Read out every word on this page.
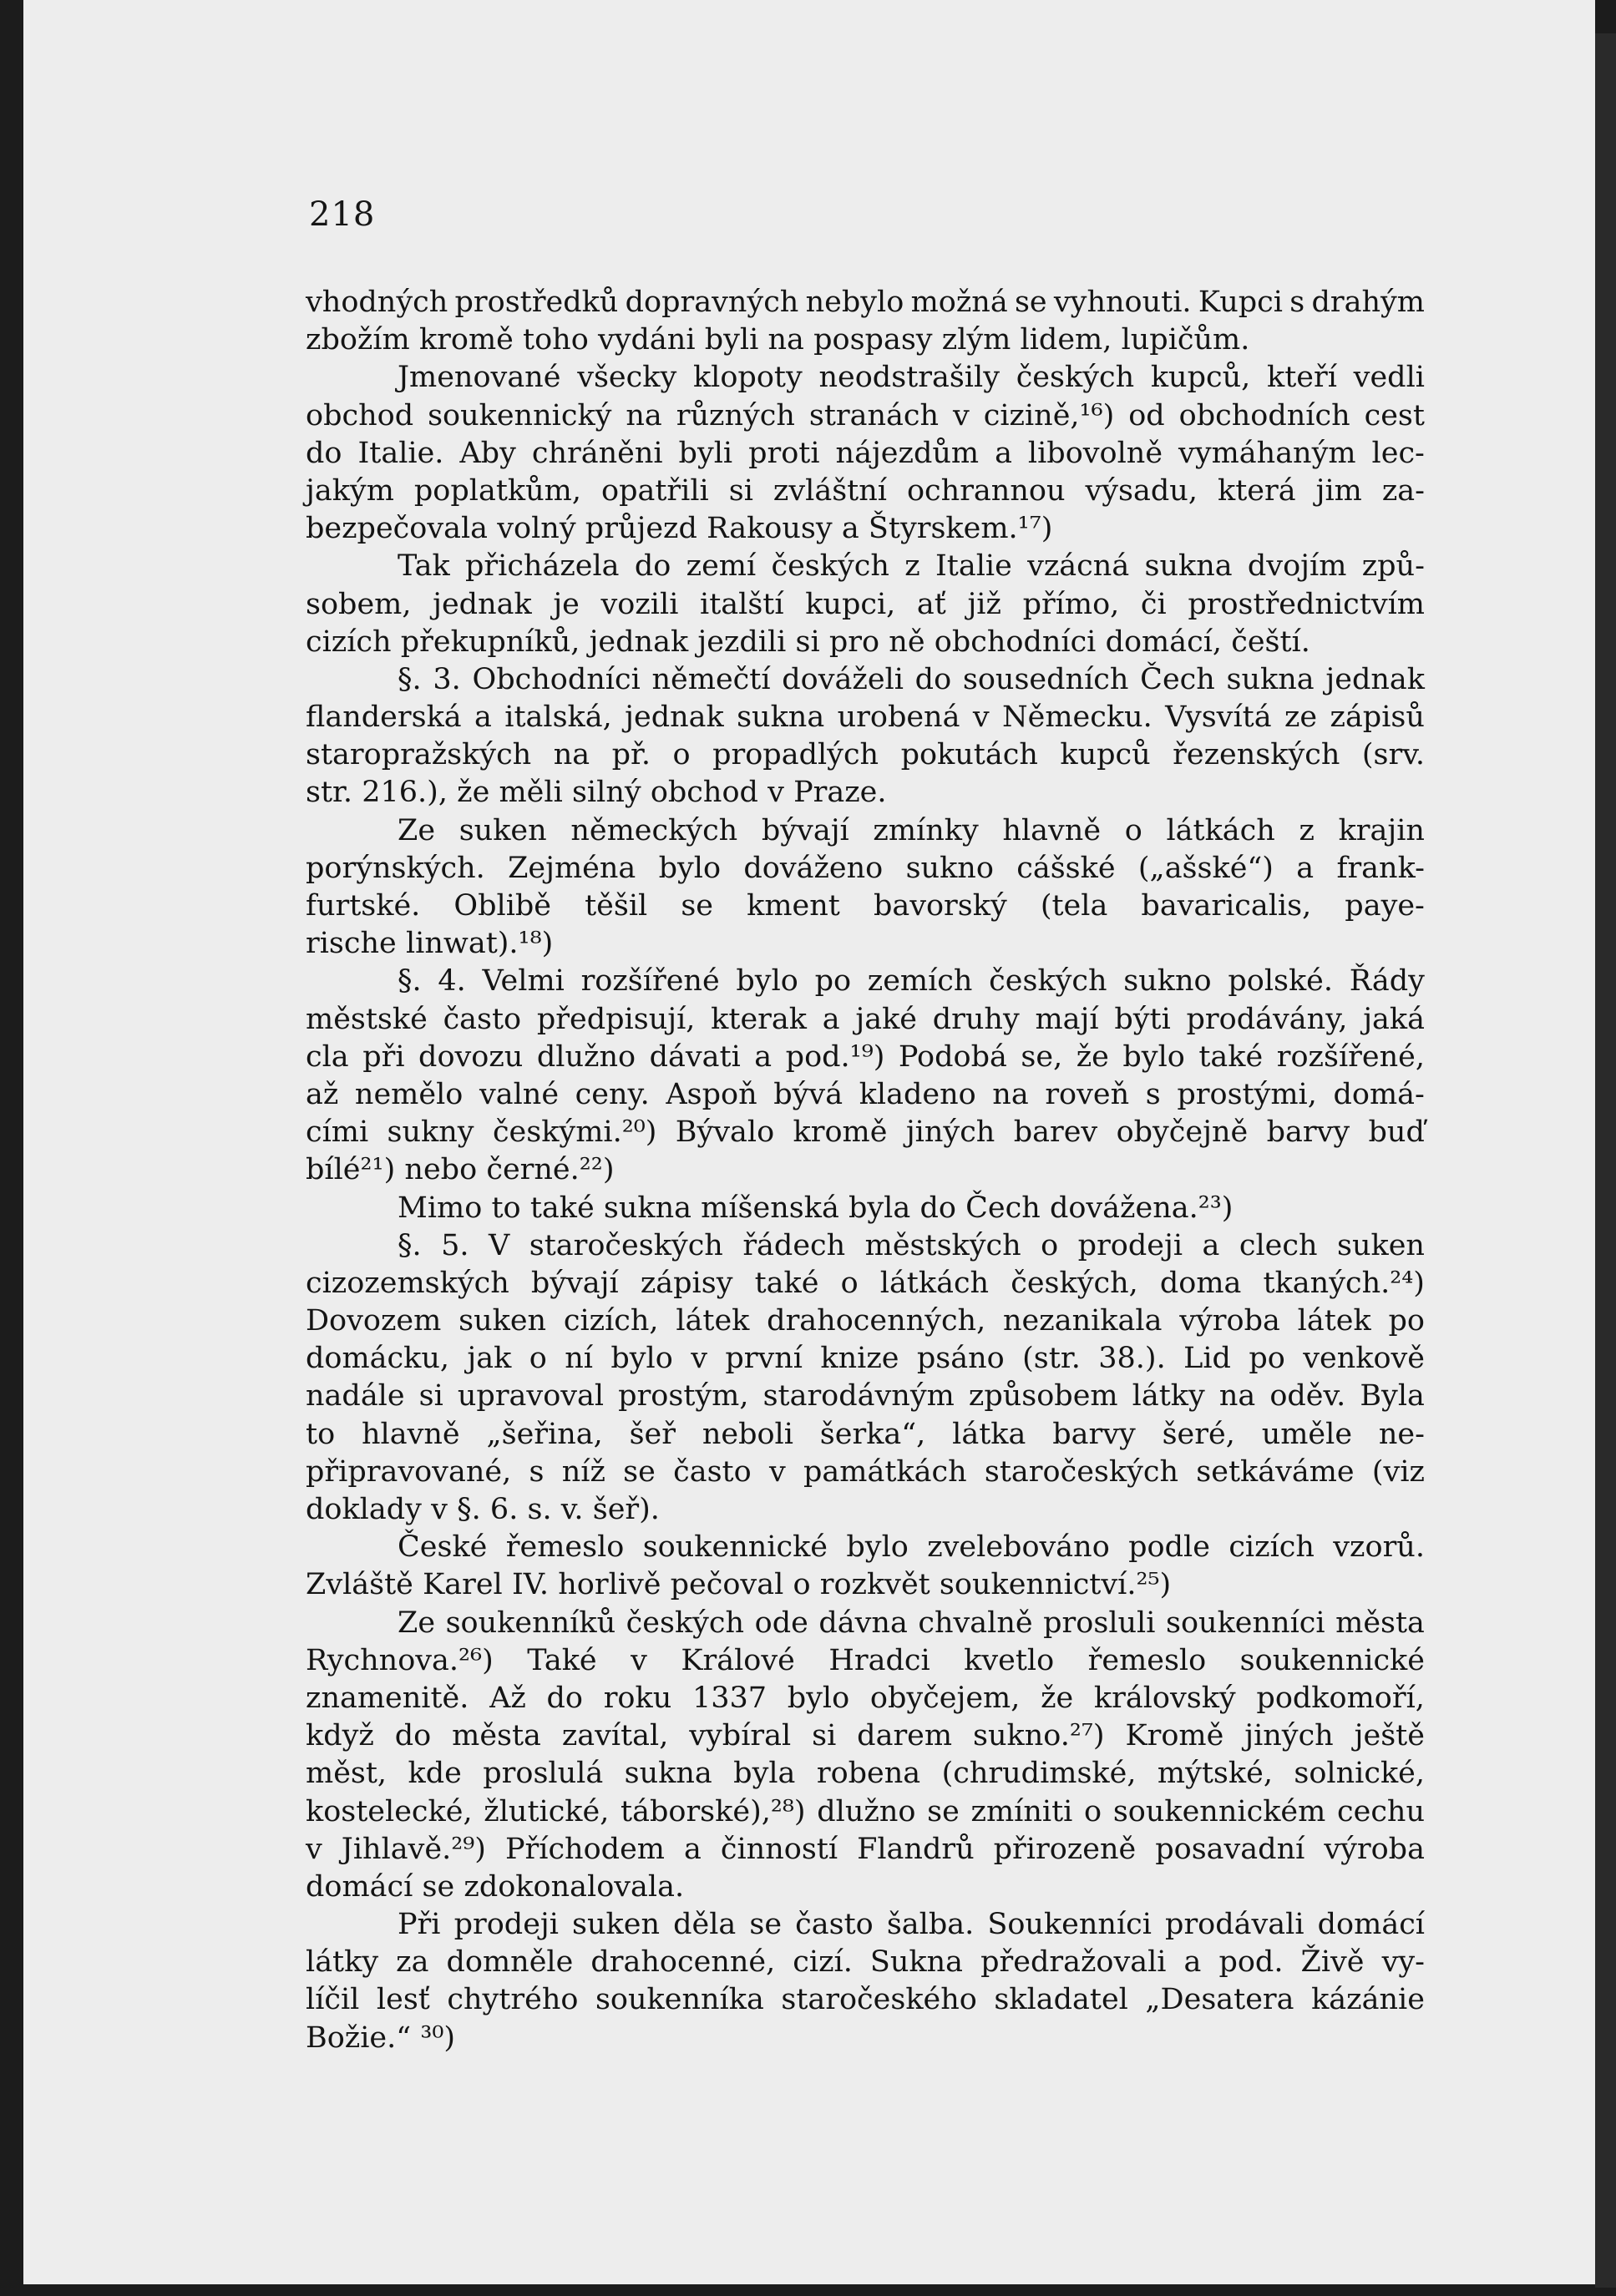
218
vhodných prostředků dopravných nebylo možná se vyhnouti. Kupci s drahým
zbožím kromě toho vydáni byli na pospasy zlým lidem, lupičům.
Jmenované všecky klopoty neodstrašily českých kupců, kteří vedli
obchod soukennický na různých stranách v cizině,¹⁶) od obchodních cest
do Italie. Aby chráněni byli proti nájezdům a libovolně vymáhaným lec-
jakým poplatkům, opatřili si zvláštní ochrannou výsadu, která jim za-
bezpečovala volný průjezd Rakousy a Štyrskem.¹⁷)
Tak přicházela do zemí českých z Italie vzácná sukna dvojím způ-
sobem, jednak je vozili italští kupci, ať již přímo, či prostřednictvím
cizích překupníků, jednak jezdili si pro ně obchodníci domácí, čeští.
§. 3. Obchodníci němečtí dováželi do sousedních Čech sukna jednak
flanderská a italská, jednak sukna urobená v Německu. Vysvítá ze zápisů
staropražských na př. o propadlých pokutách kupců řezenských (srv.
str. 216.), že měli silný obchod v Praze.
Ze suken německých bývají zmínky hlavně o látkách z krajin
porýnských. Zejména bylo dováženo sukno cášské („ašské“) a frank-
furtské. Oblibě těšil se kment bavorský (tela bavaricalis, paye-
rische linwat).¹⁸)
§. 4. Velmi rozšířené bylo po zemích českých sukno polské. Řády
městské často předpisují, kterak a jaké druhy mají býti prodávány, jaká
cla při dovozu dlužno dávati a pod.¹⁹) Podobá se, že bylo také rozšířené,
až nemělo valné ceny. Aspoň bývá kladeno na roveň s prostými, domá-
cími sukny českými.²⁰) Bývalo kromě jiných barev obyčejně barvy buď
bílé²¹) nebo černé.²²)
Mimo to také sukna míšenská byla do Čech dovážena.²³)
§. 5. V staročeských řádech městských o prodeji a clech suken
cizozemských bývají zápisy také o látkách českých, doma tkaných.²⁴)
Dovozem suken cizích, látek drahocenných, nezanikala výroba látek po
domácku, jak o ní bylo v první knize psáno (str. 38.). Lid po venkově
nadále si upravoval prostým, starodávným způsobem látky na oděv. Byla
to hlavně „šeřina, šeř neboli šerka“, látka barvy šeré, uměle ne-
připravované, s níž se často v památkách staročeských setkáváme (viz
doklady v §. 6. s. v. šeř).
České řemeslo soukennické bylo zvelebováno podle cizích vzorů.
Zvláště Karel IV. horlivě pečoval o rozkvět soukennictví.²⁵)
Ze soukenníků českých ode dávna chvalně prosluli soukenníci města
Rychnova.²⁶) Také v Králové Hradci kvetlo řemeslo soukennické
znamenitě. Až do roku 1337 bylo obyčejem, že královský podkomoří,
když do města zavítal, vybíral si darem sukno.²⁷) Kromě jiných ještě
měst, kde proslulá sukna byla robena (chrudimské, mýtské, solnické,
kostelecké, žlutické, táborské),²⁸) dlužno se zmíniti o soukennickém cechu
v Jihlavě.²⁹) Příchodem a činností Flandrů přirozeně posavadní výroba
domácí se zdokonalovala.
Při prodeji suken děla se často šalba. Soukenníci prodávali domácí
látky za domněle drahocenné, cizí. Sukna předražovali a pod. Živě vy-
líčil lesť chytrého soukenníka staročeského skladatel „Desatera kázánie
Božie.“ ³⁰)
